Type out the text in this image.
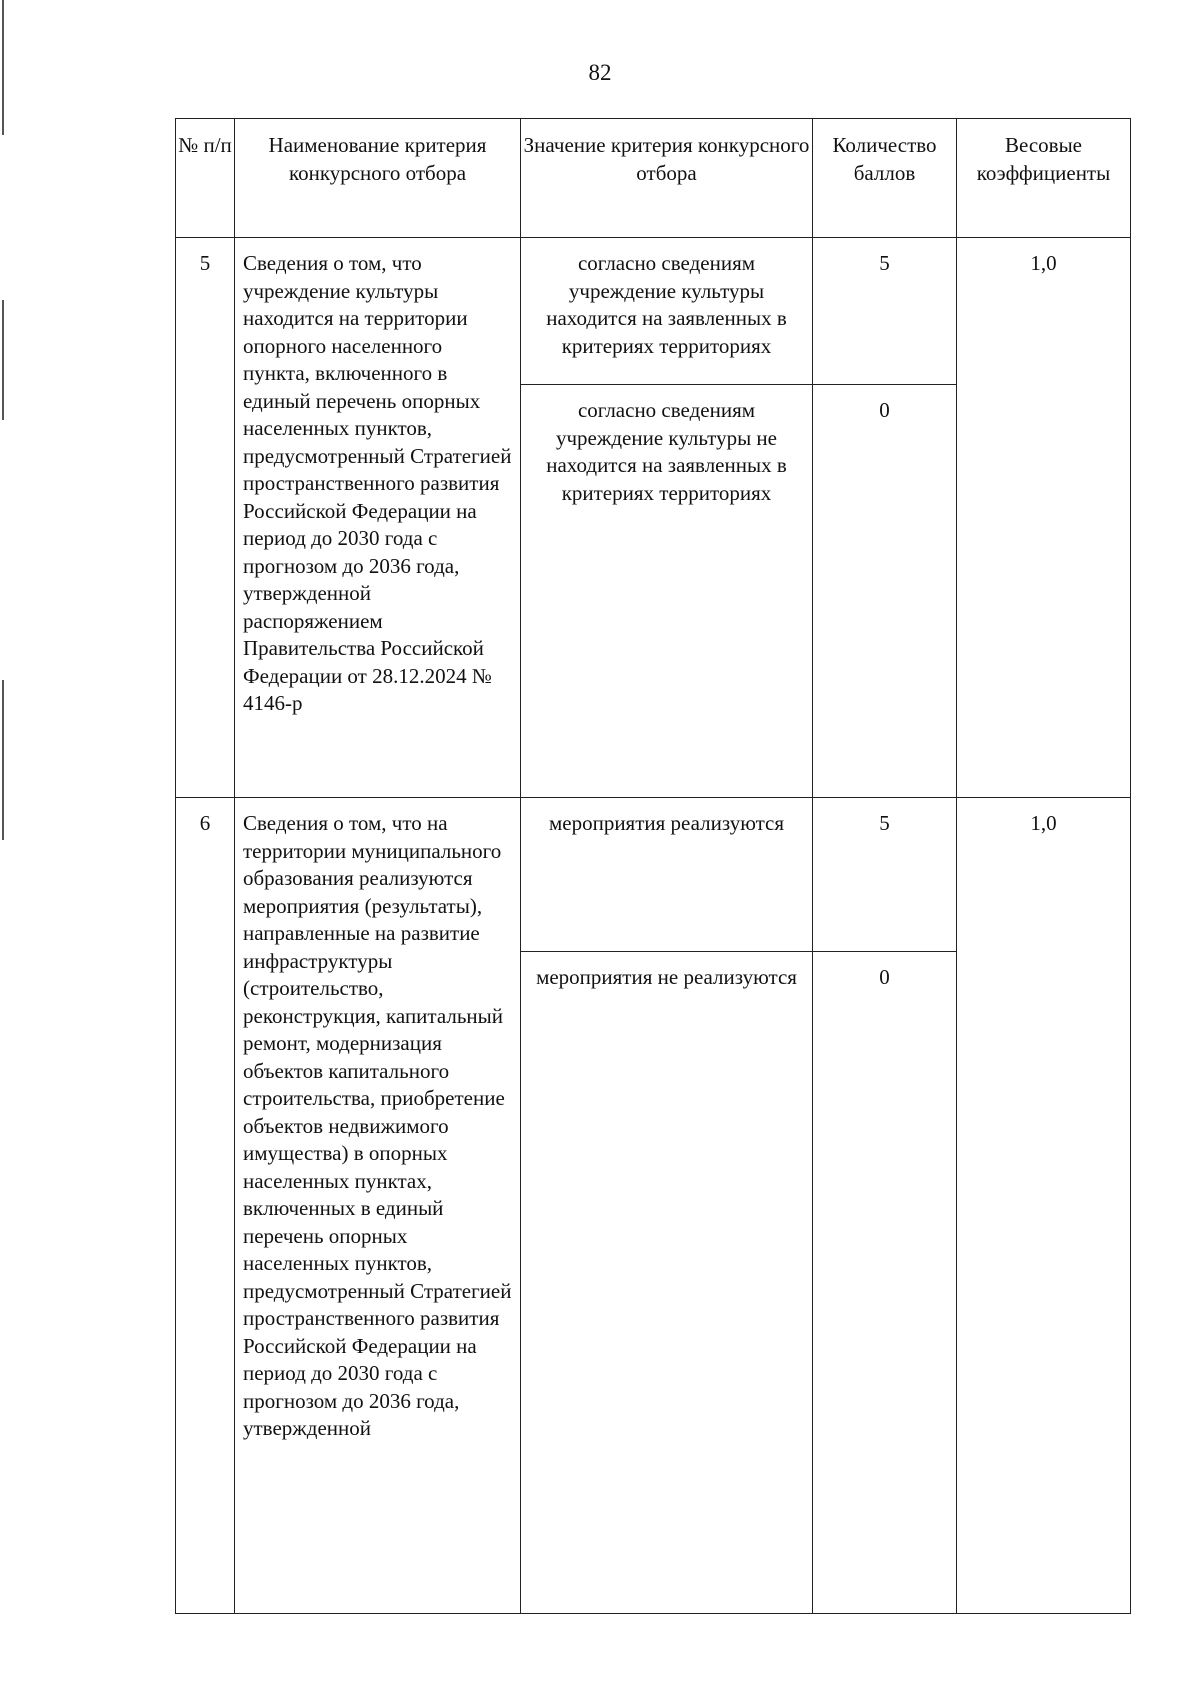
82
№ п/п	Наименование критерия конкурсного отбора	Значение критерия конкурсного отбора	Количество баллов	Весовые коэффициенты
5	Сведения о том, что учреждение культуры находится на территории опорного населенного пункта, включенного в единый перечень опорных населенных пунктов, предусмотренный Стратегией пространственного развития Российской Федерации на период до 2030 года с прогнозом до 2036 года, утвержденной распоряжением Правительства Российской Федерации от 28.12.2024 № 4146-р	согласно сведениям учреждение культуры находится на заявленных в критериях территориях	5	1,0
		согласно сведениям учреждение культуры не находится на заявленных в критериях территориях	0	
6	Сведения о том, что на территории муниципального образования реализуются мероприятия (результаты), направленные на развитие инфраструктуры (строительство, реконструкция, капитальный ремонт, модернизация объектов капитального строительства, приобретение объектов недвижимого имущества) в опорных населенных пунктах, включенных в единый перечень опорных населенных пунктов, предусмотренный Стратегией пространственного развития Российской Федерации на период до 2030 года с прогнозом до 2036 года, утвержденной	мероприятия реализуются	5	1,0
		мероприятия не реализуются	0	
